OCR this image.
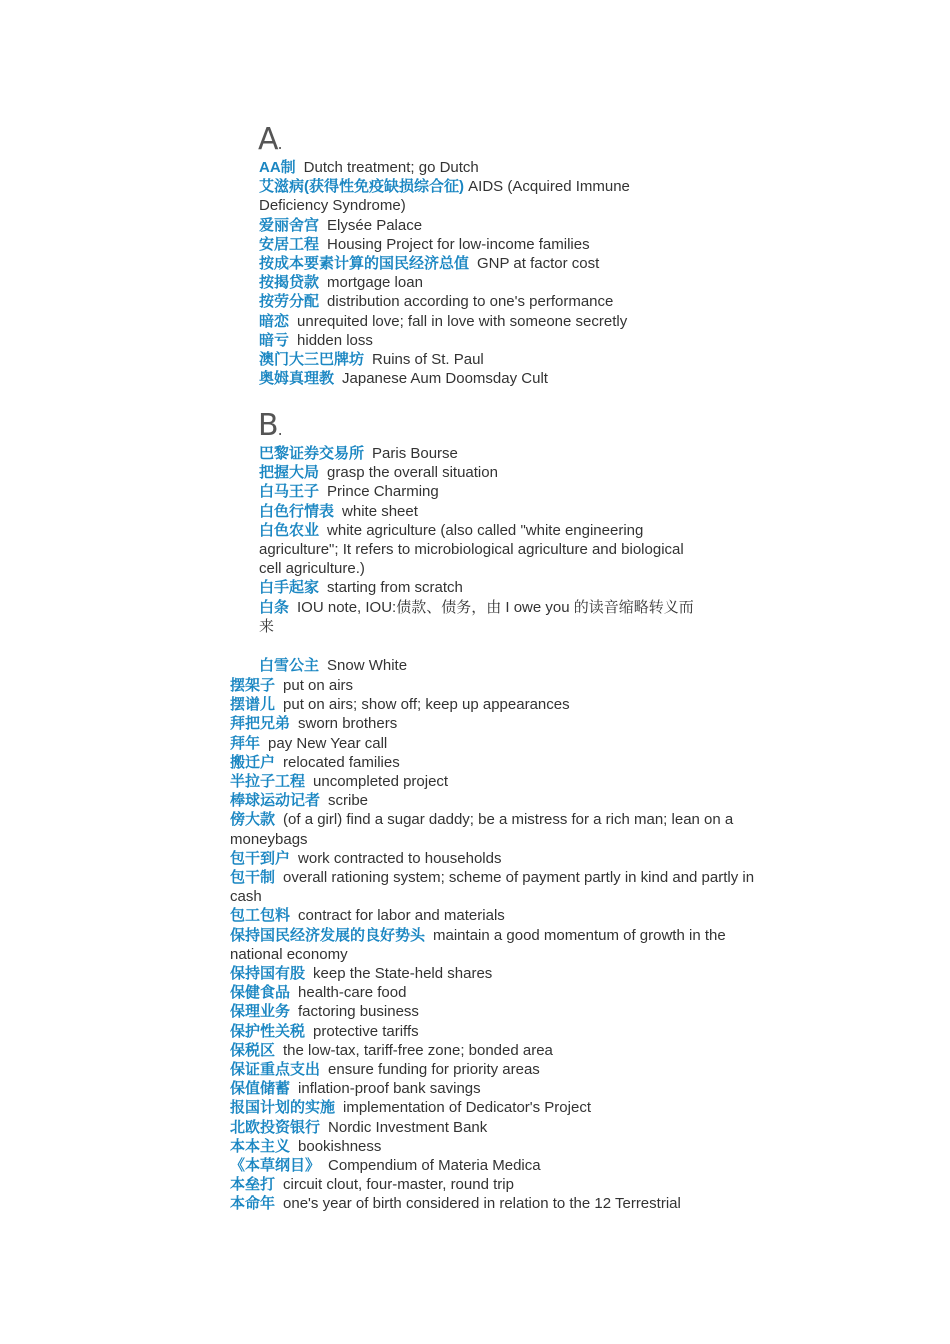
A.

AA制 Dutch treatment; go Dutch

艾滋病(获得性免疫缺损综合征) AIDS (Acquired Immune Deficiency Syndrome)

爱丽舍宫 Elysée Palace

安居工程 Housing Project for low-income families

按成本要素计算的国民经济总值 GNP at factor cost

按揭贷款 mortgage loan

按劳分配 distribution according to one's performance

暗恋 unrequited love; fall in love with someone secretly

暗亏 hidden loss

澳门大三巴牌坊 Ruins of St. Paul

奥姆真理教 Japanese Aum Doomsday Cult

B.

巴黎证券交易所 Paris Bourse

把握大局 grasp the overall situation

白马王子 Prince Charming

白色行情表 white sheet

白色农业 white agriculture (also called "white engineering agriculture"; It refers to microbiological agriculture and biological cell agriculture.)

白手起家 starting from scratch

白条 IOU note, IOU:债款、债务，由 I owe you 的读音缩略转义而来

白雪公主 Snow White

摆架子 put on airs

摆谱儿 put on airs; show off; keep up appearances

拜把兄弟 sworn brothers

拜年 pay New Year call

搬迁户 relocated families

半拉子工程 uncompleted project

棒球运动记者 scribe

傍大款 (of a girl) find a sugar daddy; be a mistress for a rich man; lean on a moneybags

包干到户 work contracted to households

包干制 overall rationing system; scheme of payment partly in kind and partly in cash

包工包料 contract for labor and materials

保持国民经济发展的良好势头 maintain a good momentum of growth in the national economy

保持国有股 keep the State-held shares

保健食品 health-care food

保理业务 factoring business

保护性关税 protective tariffs

保税区 the low-tax, tariff-free zone; bonded area

保证重点支出 ensure funding for priority areas

保值储蓄 inflation-proof bank savings

报国计划的实施 implementation of Dedicator's Project

北欧投资银行 Nordic Investment Bank

本本主义 bookishness

《本草纲目》 Compendium of Materia Medica

本垒打 circuit clout, four-master, round trip

本命年 one's year of birth considered in relation to the 12 Terrestrial
